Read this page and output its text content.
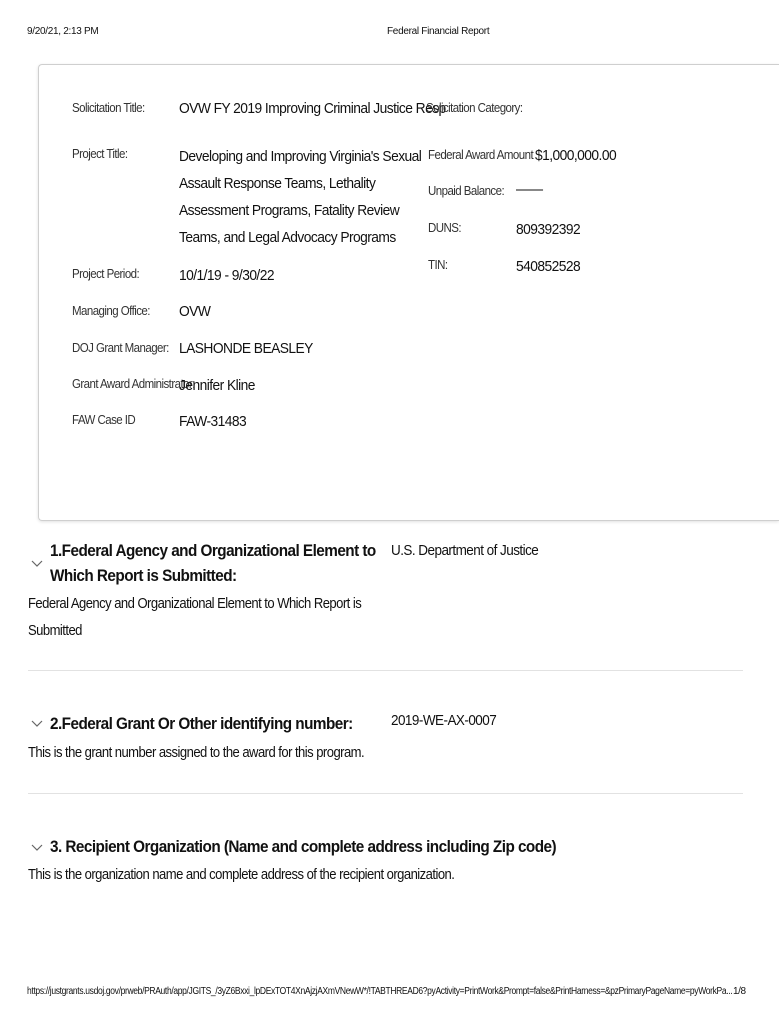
9/20/21, 2:13 PM	Federal Financial Report
Solicitation Title: OVW FY 2019 Improving Criminal Justice Resp
Solicitation Category:
Project Title:	Developing and Improving Virginia's Sexual Assault Response Teams, Lethality Assessment Programs, Fatality Review Teams, and Legal Advocacy Programs
Federal Award Amount $1,000,000.00
Unpaid Balance: ——
DUNS:	809392392
TIN:	540852528
Project Period:	10/1/19 - 9/30/22
Managing Office: OVW
DOJ Grant Manager: LASHONDE BEASLEY
Grant Award Administrator:
Jennifer Kline
FAW Case ID	FAW-31483
1.Federal Agency and Organizational Element to
Which Report is Submitted:
U.S. Department of Justice
Federal Agency and Organizational Element to Which Report is Submitted
2.Federal Grant Or Other identifying number:	2019-WE-AX-0007
This is the grant number assigned to the award for this program.
3. Recipient Organization (Name and complete address including Zip code)
This is the organization name and complete address of the recipient organization.
https://justgrants.usdoj.gov/prweb/PRAuth/app/JGITS_/3yZ6Bxxi_lpDExTOT4XnAjzjAXmVNewW*/!TABTHREAD6?pyActivity=PrintWork&Prompt=false&PrintHarness=&pzPrimaryPageName=pyWorkPa... 1/8
